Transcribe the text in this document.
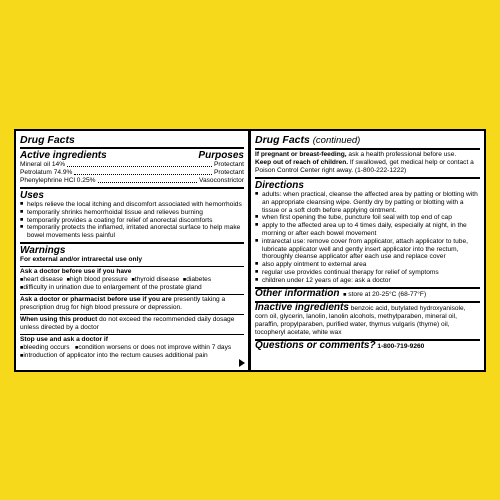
Drug Facts
Active ingredients	Purposes
Mineral oil 14%	Protectant
Petrolatum 74.9%	Protectant
Phenylephrine HCl 0.25%	Vasoconstrictor
Uses
■ helps relieve the local itching and discomfort associated with hemorrhoids
■ temporarily shrinks hemorrhoidal tissue and relieves burning
■ temporarily provides a coating for relief of anorectal discomforts
■ temporarily protects the inflamed, irritated anorectal surface to help make bowel movements less painful
Warnings
For external and/or intrarectal use only
Ask a doctor before use if you have
■ heart disease ■ high blood pressure ■ thyroid disease ■ diabetes
■ difficulty in urination due to enlargement of the prostate gland
Ask a doctor or pharmacist before use if you are presently taking a prescription drug for high blood pressure or depression.
When using this product do not exceed the recommended daily dosage unless directed by a doctor
Stop use and ask a doctor if
■ bleeding occurs ■ condition worsens or does not improve within 7 days
■ introduction of applicator into the rectum causes additional pain
Drug Facts (continued)
If pregnant or breast-feeding, ask a health professional before use.
Keep out of reach of children. If swallowed, get medical help or contact a Poison Control Center right away. (1-800-222-1222)
Directions
■ adults: when practical, cleanse the affected area by patting or blotting with an appropriate cleansing wipe. Gently dry by patting or blotting with a tissue or a soft cloth before applying ointment.
■ when first opening the tube, puncture foil seal with top end of cap
■ apply to the affected area up to 4 times daily, especially at night, in the morning or after each bowel movement
■ intrarectal use: remove cover from applicator, attach applicator to tube, lubricate applicator well and gently insert applicator into the rectum, thoroughly cleanse applicator after each use and replace cover
■ also apply ointment to external area
■ regular use provides continual therapy for relief of symptoms
■ children under 12 years of age: ask a doctor
Other information ■ store at 20-25°C (68-77°F)
Inactive ingredients benzoic acid, butylated hydroxyanisole, corn oil, glycerin, lanolin, lanolin alcohols, methylparaben, mineral oil, paraffin, propylparaben, purified water, thymus vulgaris (thyme) oil, tocopheryl acetate, white wax
Questions or comments? 1-800-719-9260
